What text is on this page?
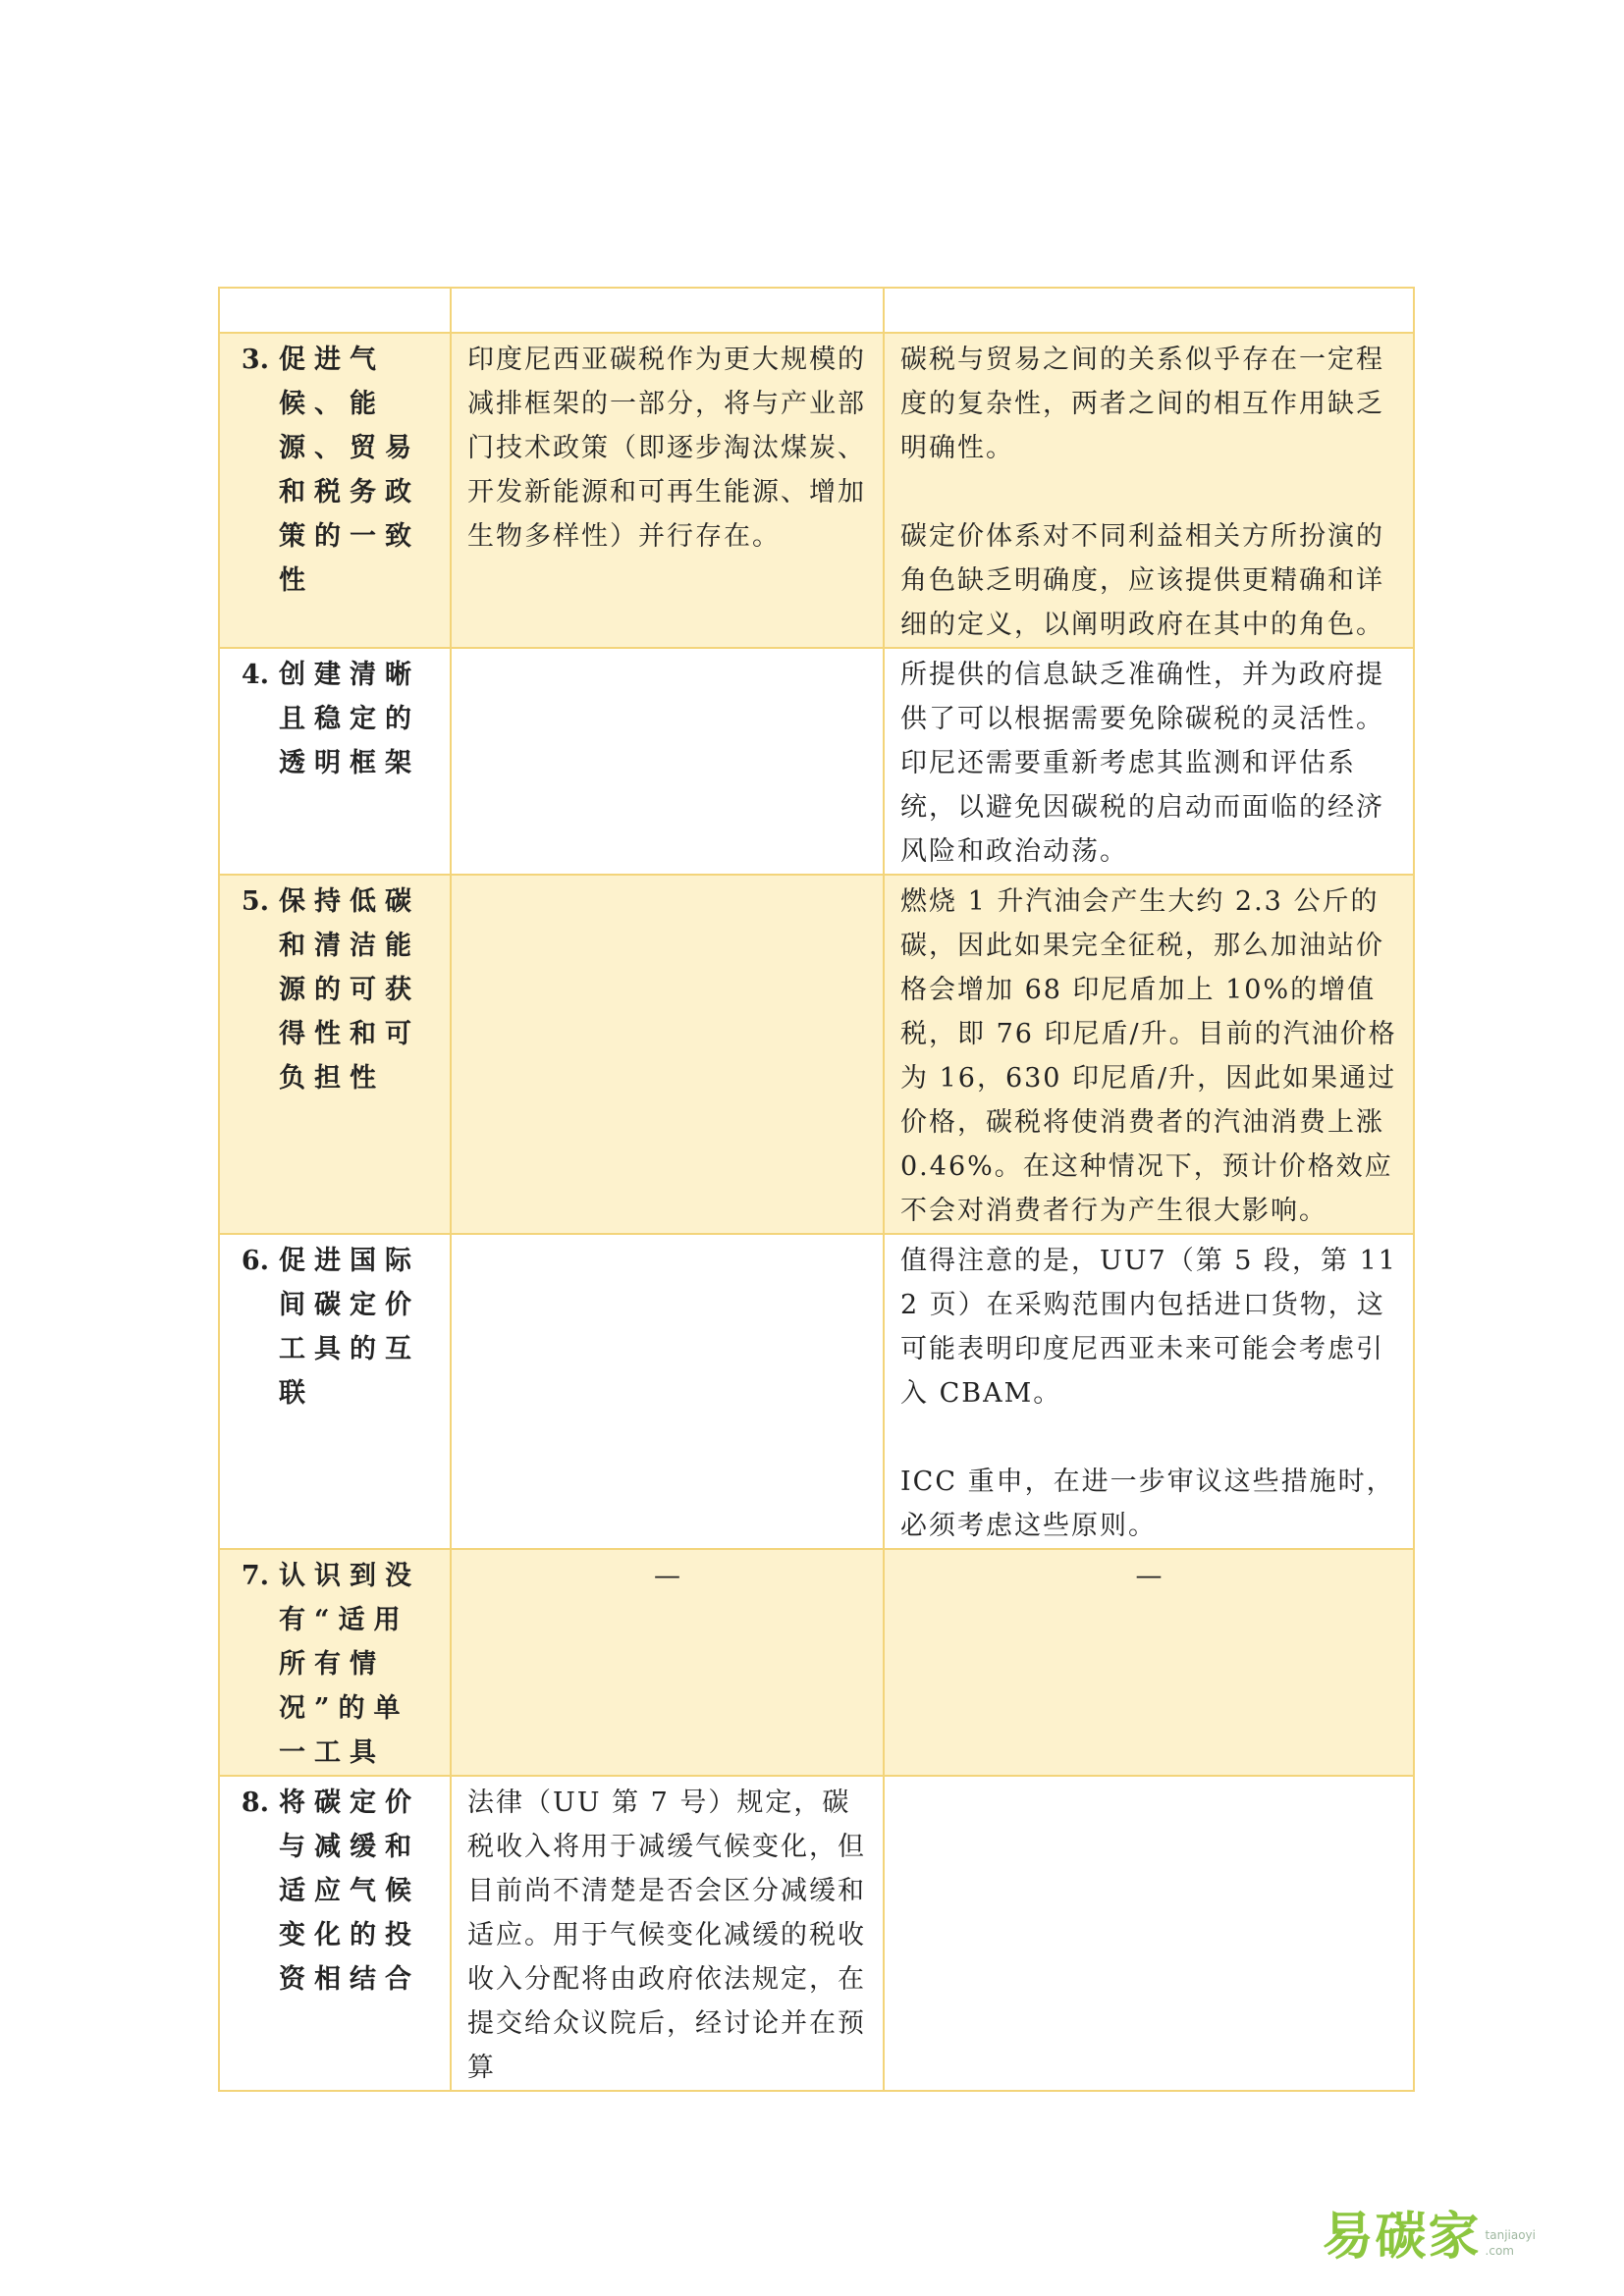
3. 促进气候、能源、贸易和税务政策的一致性	印度尼西亚碳税作为更大规模的减排框架的一部分，将与产业部门技术政策（即逐步淘汰煤炭、开发新能源和可再生能源、增加生物多样性）并行存在。	碳税与贸易之间的关系似乎存在一定程度的复杂性，两者之间的相互作用缺乏明确性。

碳定价体系对不同利益相关方所扮演的角色缺乏明确度，应该提供更精确和详细的定义，以阐明政府在其中的角色。

4. 创建清晰且稳定的透明框架		所提供的信息缺乏准确性，并为政府提供了可以根据需要免除碳税的灵活性。印尼还需要重新考虑其监测和评估系统，以避免因碳税的启动而面临的经济风险和政治动荡。

5. 保持低碳和清洁能源的可获得性和可负担性		燃烧 1 升汽油会产生大约 2.3 公斤的碳，因此如果完全征税，那么加油站价格会增加 68 印尼盾加上 10%的增值税，即 76 印尼盾/升。目前的汽油价格为 16，630 印尼盾/升，因此如果通过价格，碳税将使消费者的汽油消费上涨 0.46%。在这种情况下，预计价格效应不会对消费者行为产生很大影响。

6. 促进国际间碳定价工具的互联		值得注意的是，UU7（第 5 段，第 112 页）在采购范围内包括进口货物，这可能表明印度尼西亚未来可能会考虑引入 CBAM。

ICC 重申，在进一步审议这些措施时，必须考虑这些原则。

7. 认识到没有“适用所有情况”的单一工具	—	—

8. 将碳定价与减缓和适应气候变化的投资相结合	法律（UU 第 7 号）规定，碳税收入将用于减缓气候变化，但目前尚不清楚是否会区分减缓和适应。用于气候变化减缓的税收收入分配将由政府依法规定，在提交给众议院后，经讨论并在预算	

易碳家 tanjiaoyi
.com
